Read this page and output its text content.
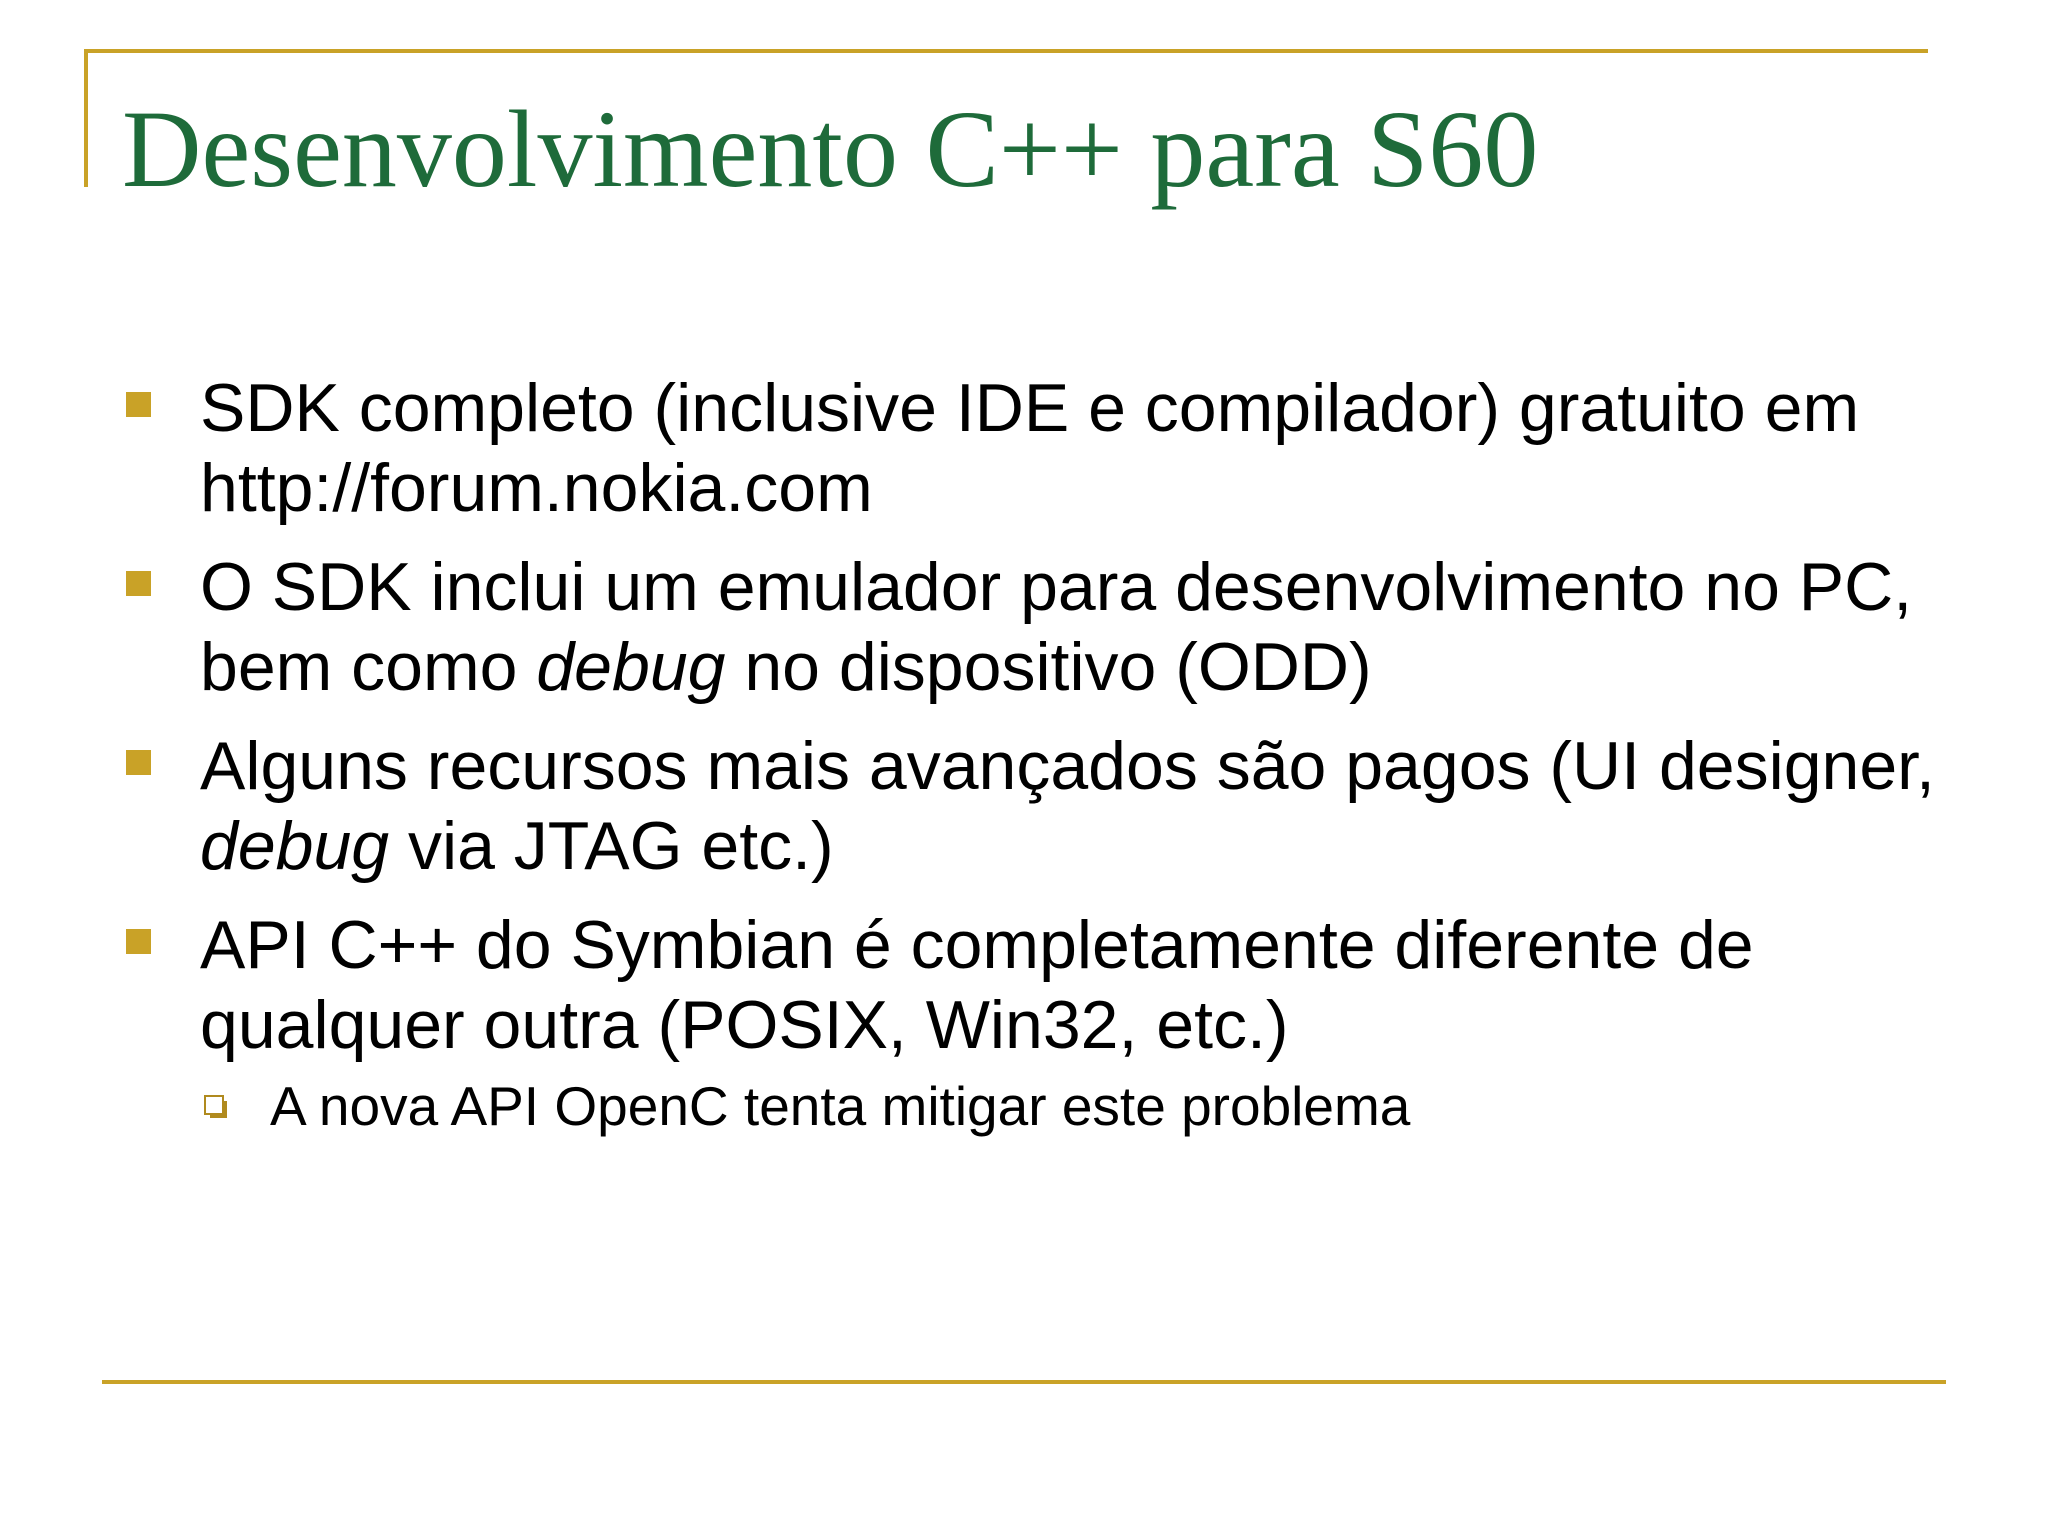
Desenvolvimento C++ para S60
SDK completo (inclusive IDE e compilador) gratuito em http://forum.nokia.com
O SDK inclui um emulador para desenvolvimento no PC, bem como debug no dispositivo (ODD)
Alguns recursos mais avançados são pagos (UI designer, debug via JTAG etc.)
API C++ do Symbian é completamente diferente de qualquer outra (POSIX, Win32, etc.)
A nova API OpenC tenta mitigar este problema
